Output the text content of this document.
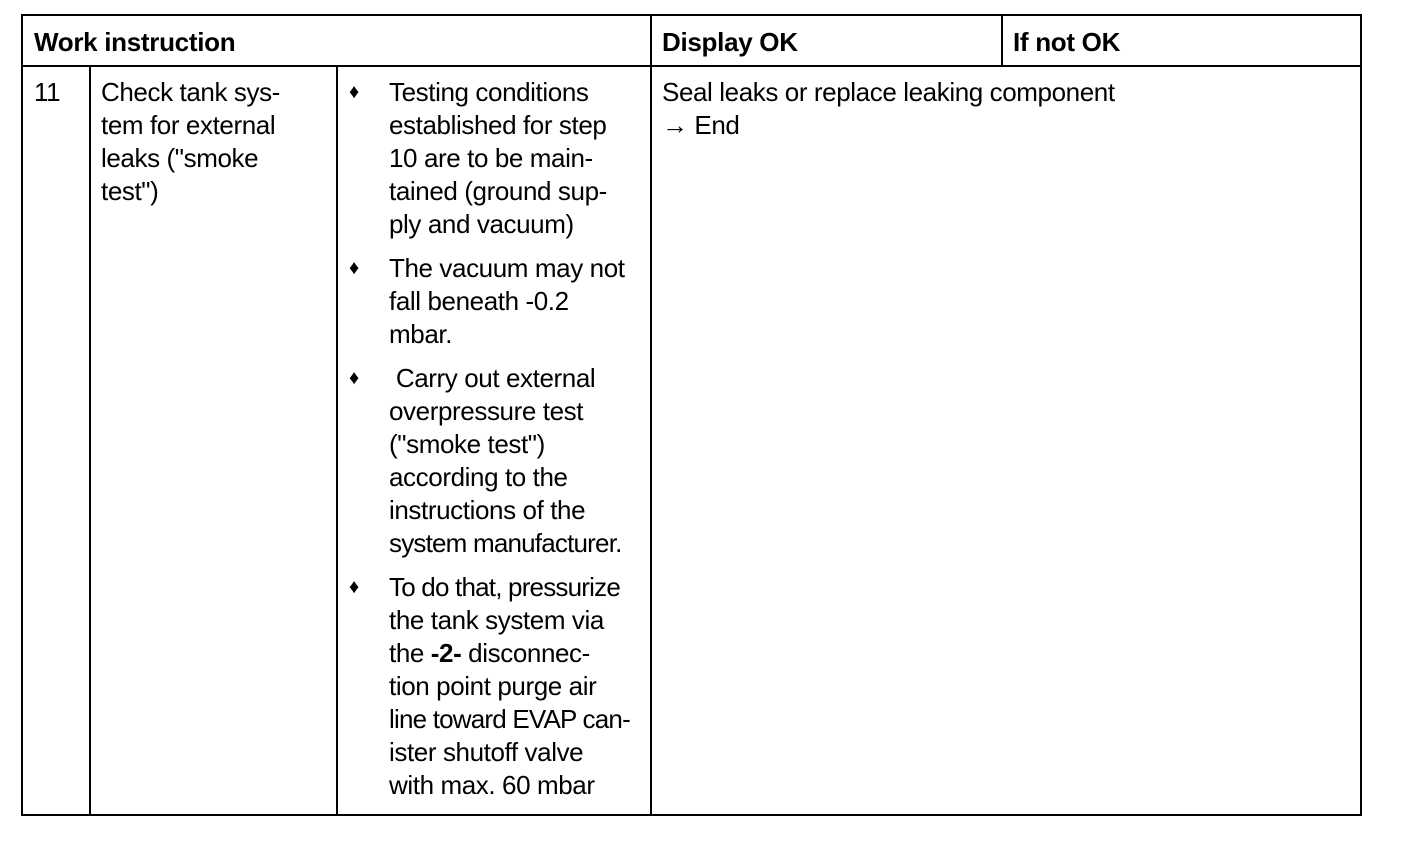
Work instruction	Display OK	If not OK
11 Check tank sys-
tem for external
leaks ("smoke
test")
♦ Testing conditions
established for step
10 are to be main-
tained (ground sup-
ply and vacuum)
♦ The vacuum may not
fall beneath -0.2
mbar.
♦ Carry out external
overpressure test
("smoke test")
according to the
instructions of the
system manufacturer.
♦ To do that, pressurize
the tank system via
the -2- disconnec-
tion point purge air
line toward EVAP can-
ister shutoff valve
with max. 60 mbar
Seal leaks or replace leaking component
→ End
